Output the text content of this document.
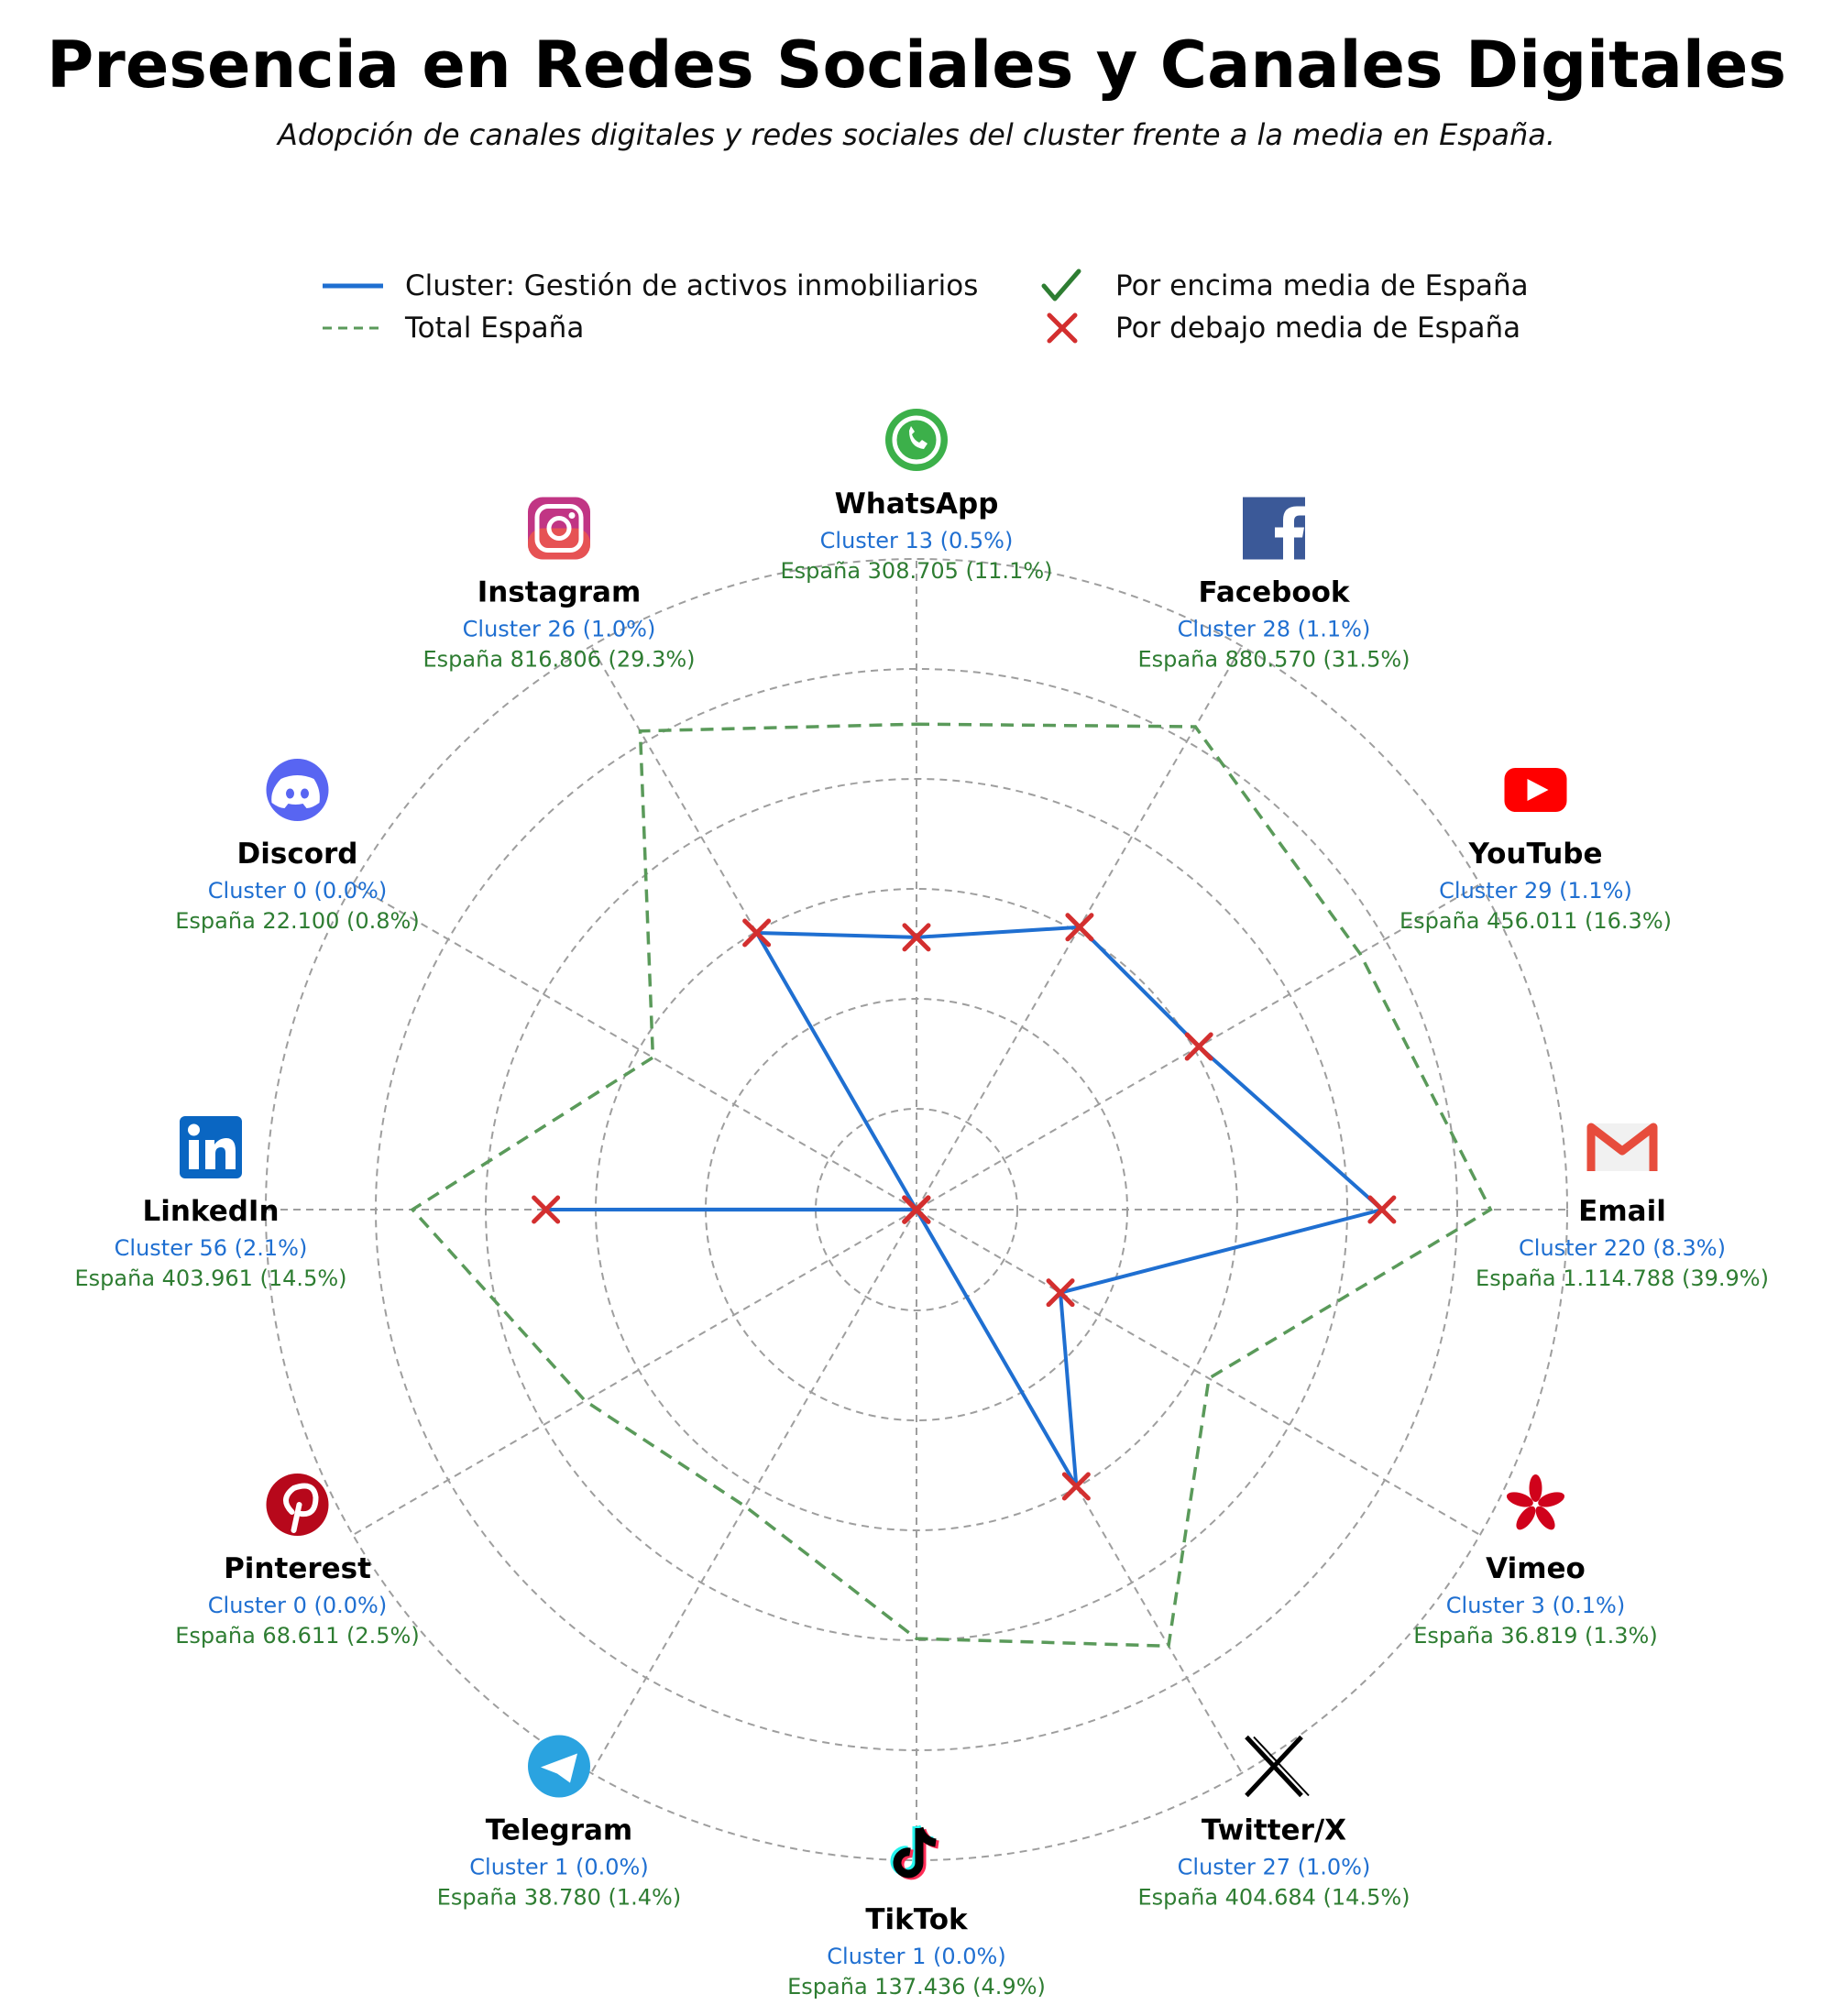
Presencia en Redes Sociales y Canales Digitales
Adopción de canales digitales y redes sociales del cluster frente a la media en España.
Cluster: Gestión de activos inmobiliarios
Total España
Por encima media de España
Por debajo media de España
WhatsApp
Cluster 13 (0.5%)
España 308.705 (11.1%)
Facebook
Cluster 28 (1.1%)
España 880.570 (31.5%)
YouTube
Cluster 29 (1.1%)
España 456.011 (16.3%)
Email
Cluster 220 (8.3%)
España 1.114.788 (39.9%)
Vimeo
Cluster 3 (0.1%)
España 36.819 (1.3%)
Twitter/X
Cluster 27 (1.0%)
España 404.684 (14.5%)
TikTok
Cluster 1 (0.0%)
España 137.436 (4.9%)
Telegram
Cluster 1 (0.0%)
España 38.780 (1.4%)
Pinterest
Cluster 0 (0.0%)
España 68.611 (2.5%)
LinkedIn
Cluster 56 (2.1%)
España 403.961 (14.5%)
Discord
Cluster 0 (0.0%)
España 22.100 (0.8%)
Instagram
Cluster 26 (1.0%)
España 816.806 (29.3%)
